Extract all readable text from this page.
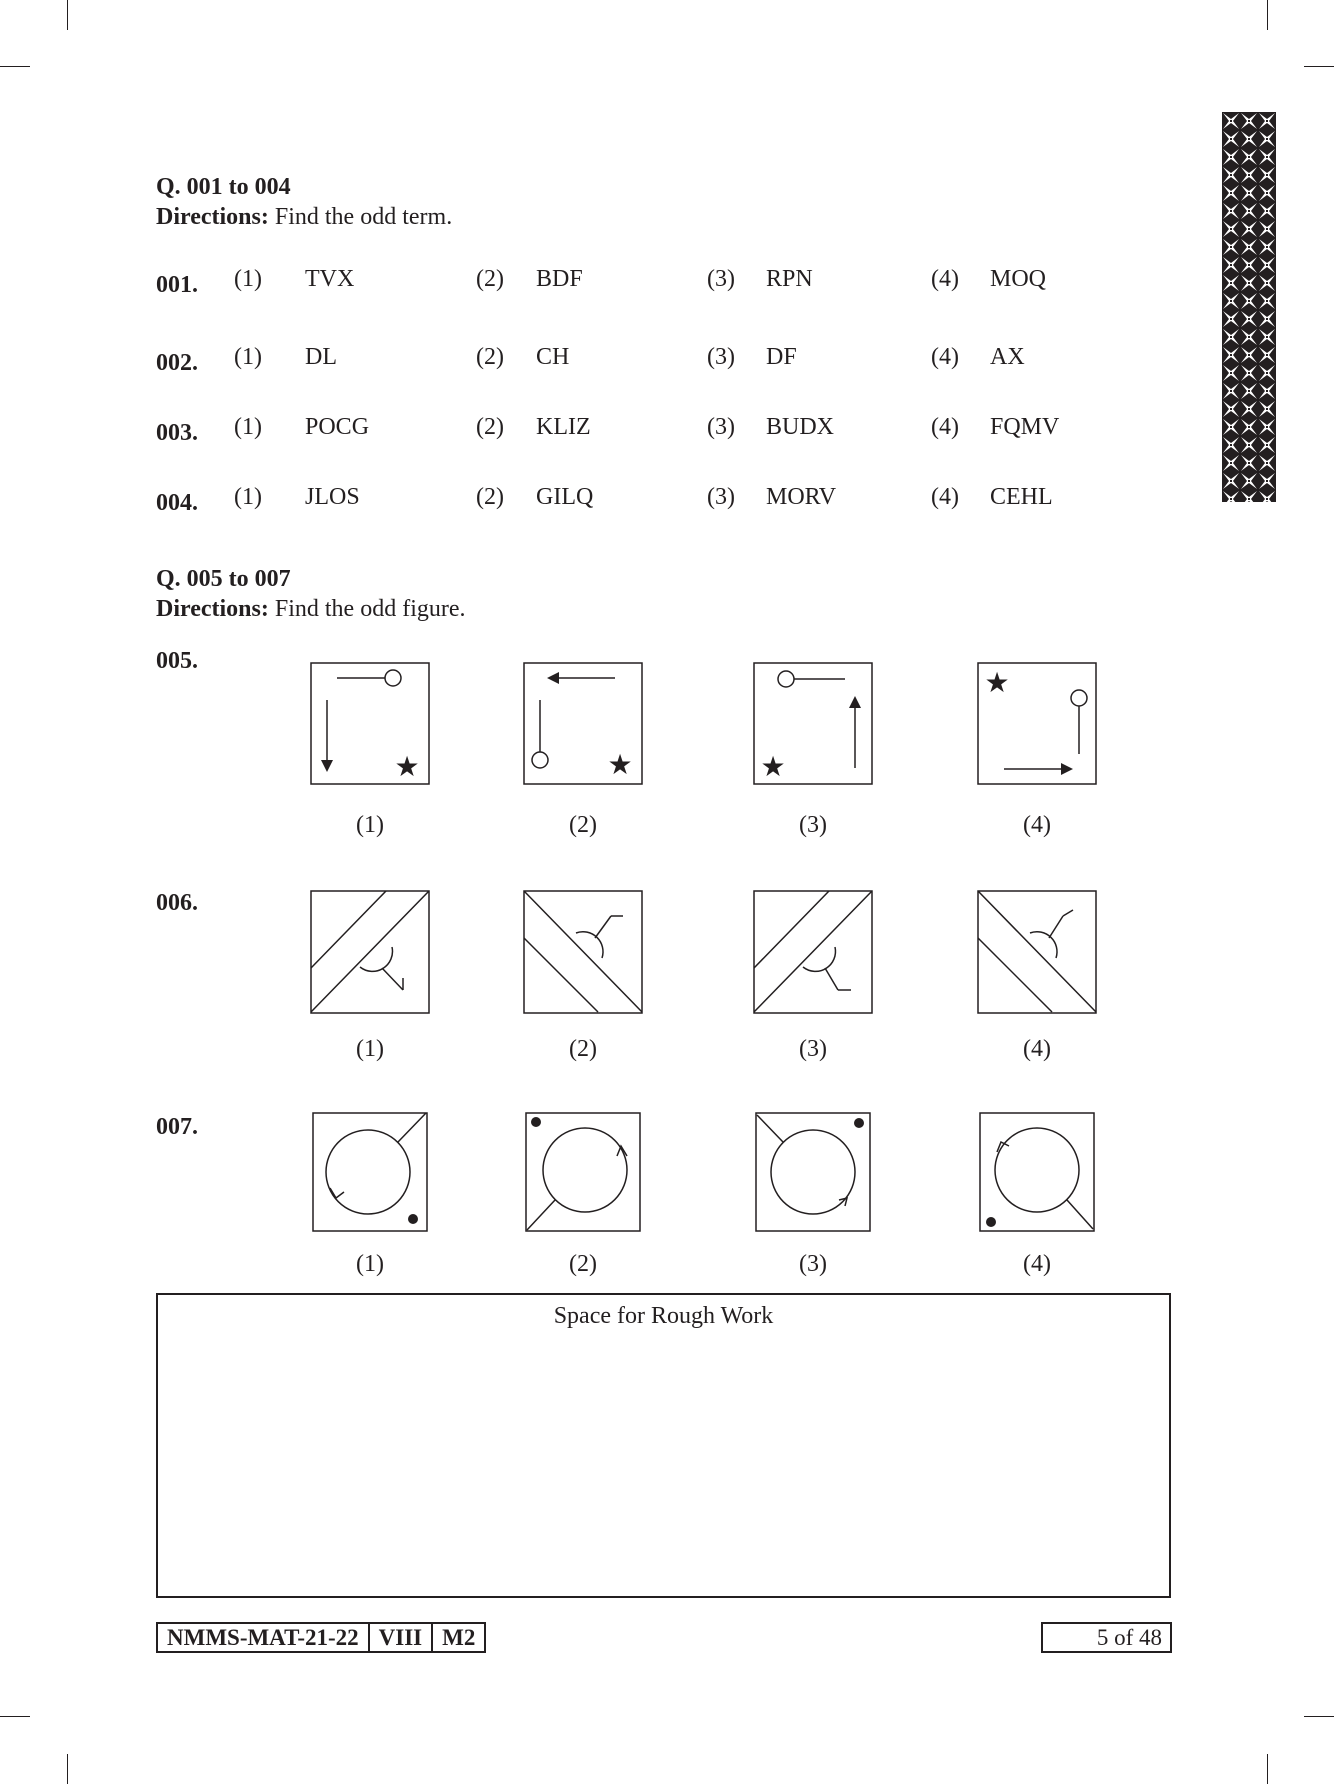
Q. 001 to 004
Directions: Find the odd term.
001. (1) TVX	(2) BDF	(3) RPN	(4) MOQ
002. (1) DL	(2) CH	(3) DF	(4) AX
003. (1) POCG	(2) KLIZ	(3) BUDX	(4) FQMV
004. (1) JLOS	(2) GILQ	(3) MORV	(4) CEHL
Q. 005 to 007
Directions: Find the odd figure.
005.
★	★	★
★
(1)	(2)	(3)	(4)
006.
(1)	(2)	(3)	(4)
007.
(1)	(2)	(3)	(4)
Space for Rough Work
NMMS-MAT-21-22 VIII M2	5 of 48
